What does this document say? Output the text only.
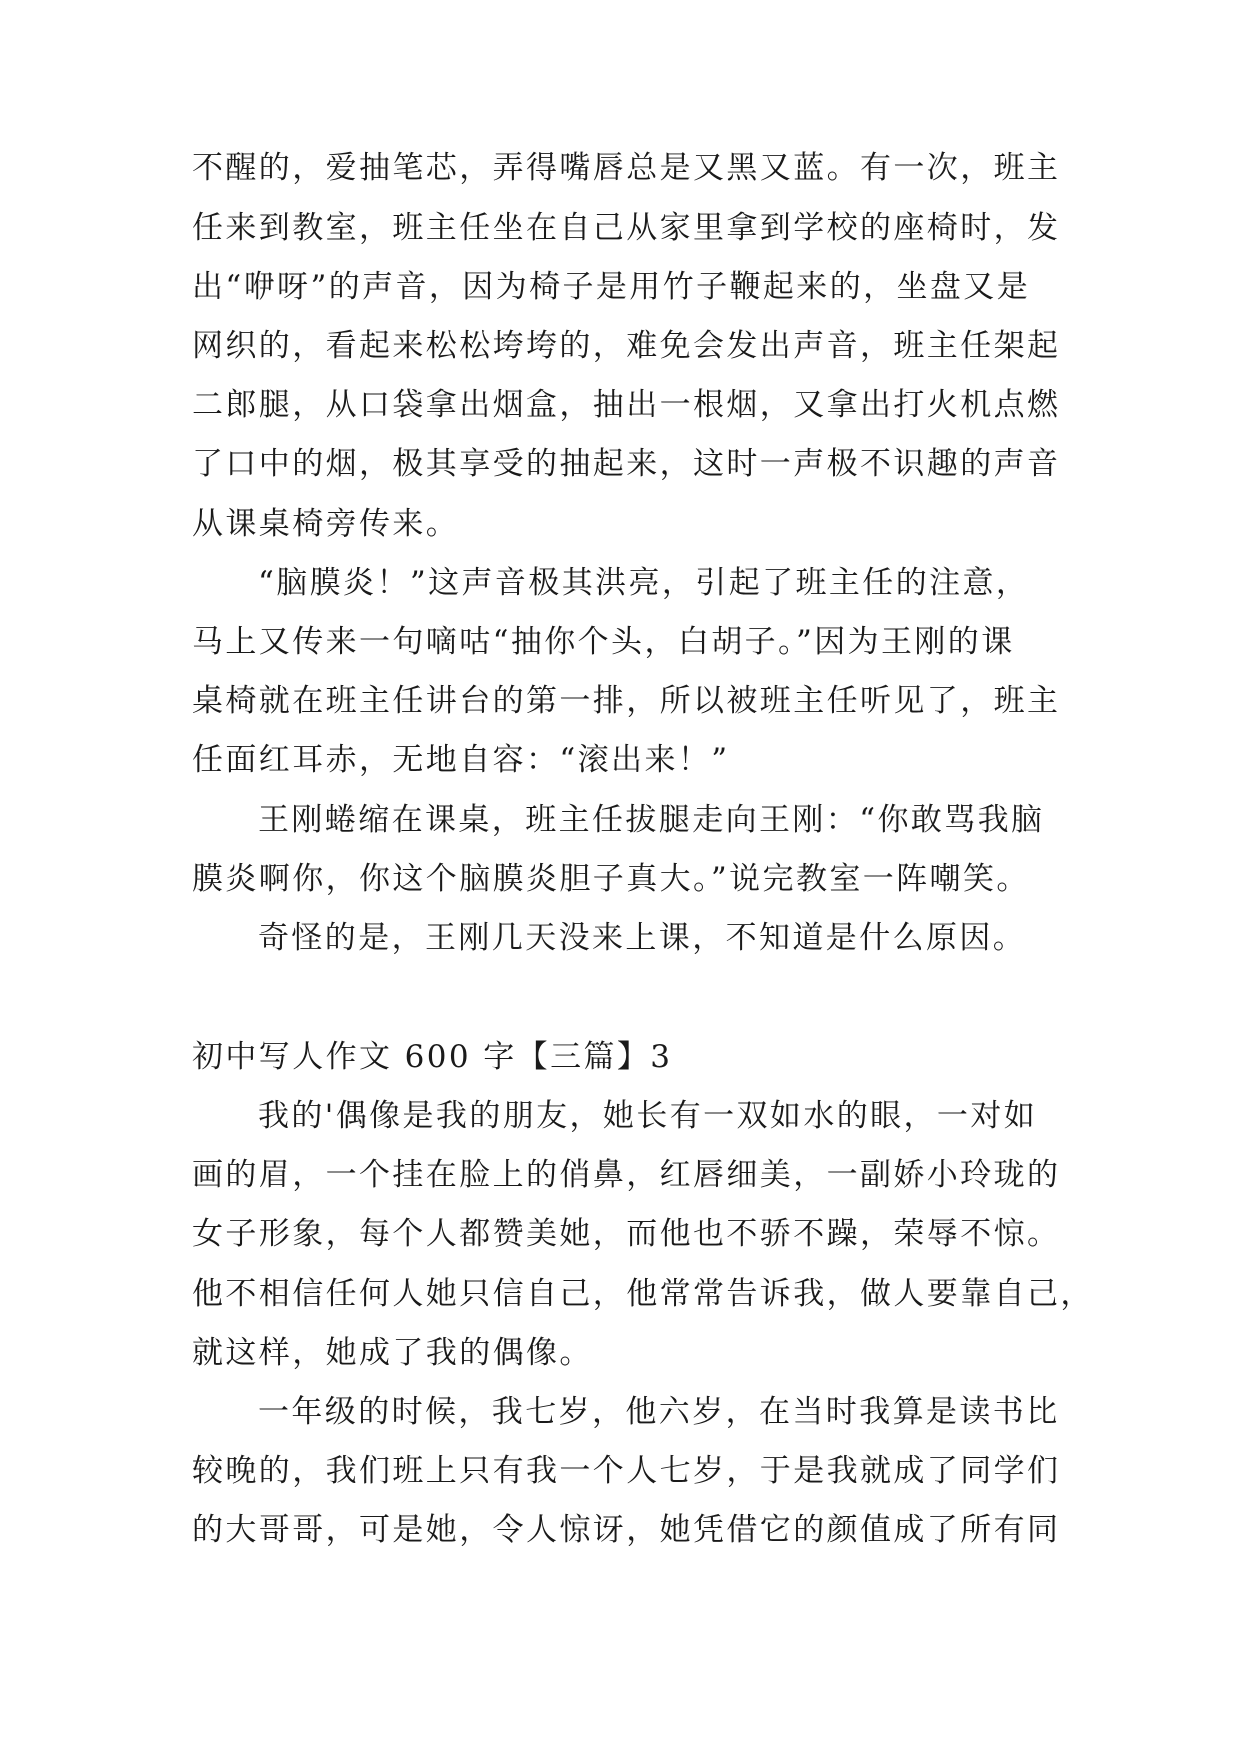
不醒的，爱抽笔芯，弄得嘴唇总是又黑又蓝。有一次，班主
任来到教室，班主任坐在自己从家里拿到学校的座椅时，发
出“咿呀”的声音，因为椅子是用竹子鞭起来的，坐盘又是
网织的，看起来松松垮垮的，难免会发出声音，班主任架起
二郎腿，从口袋拿出烟盒，抽出一根烟，又拿出打火机点燃
了口中的烟，极其享受的抽起来，这时一声极不识趣的声音
从课桌椅旁传来。
“脑膜炎！”这声音极其洪亮，引起了班主任的注意，
马上又传来一句嘀咕“抽你个头，白胡子。”因为王刚的课
桌椅就在班主任讲台的第一排，所以被班主任听见了，班主
任面红耳赤，无地自容：“滚出来！”
王刚蜷缩在课桌，班主任拔腿走向王刚：“你敢骂我脑
膜炎啊你，你这个脑膜炎胆子真大。”说完教室一阵嘲笑。
奇怪的是，王刚几天没来上课，不知道是什么原因。
初中写人作文 600 字【三篇】3
我的'偶像是我的朋友，她长有一双如水的眼，一对如
画的眉，一个挂在脸上的俏鼻，红唇细美，一副娇小玲珑的
女子形象，每个人都赞美她，而他也不骄不躁，荣辱不惊。
他不相信任何人她只信自己，他常常告诉我，做人要靠自己，
就这样，她成了我的偶像。
一年级的时候，我七岁，他六岁，在当时我算是读书比
较晚的，我们班上只有我一个人七岁，于是我就成了同学们
的大哥哥，可是她，令人惊讶，她凭借它的颜值成了所有同
